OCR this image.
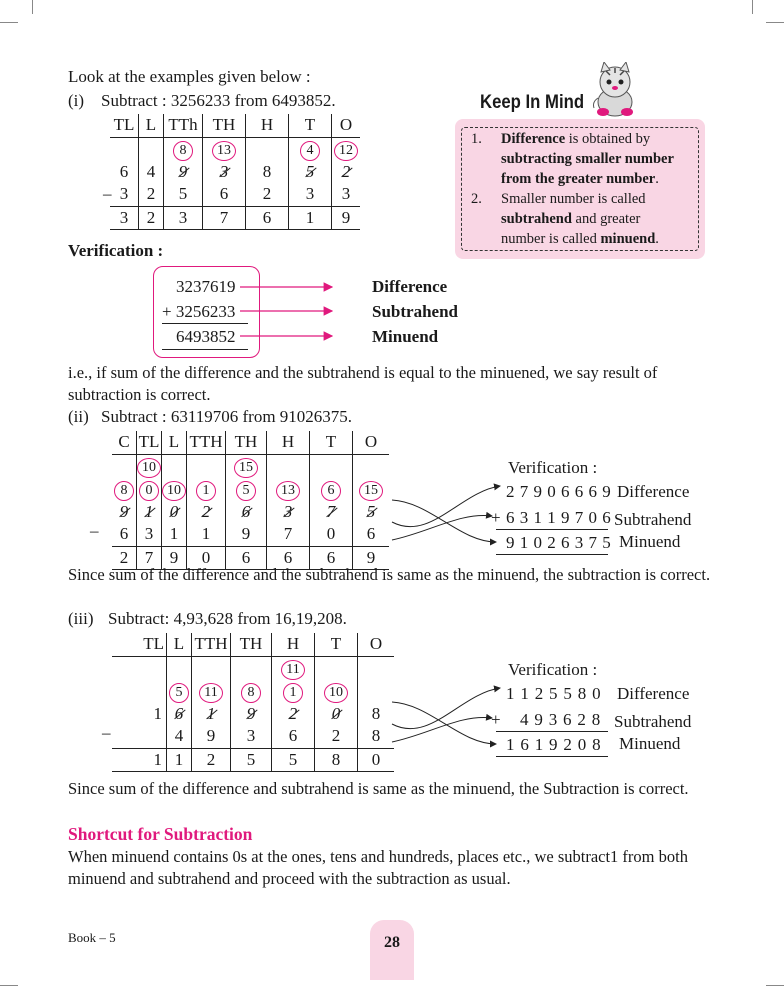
Look at the examples given below :
(i) Subtract : 3256233 from 6493852.
TL	L	TTh	TH	H	T	O
		8	13		4	12
6	4	9	3	8	5	2
3	2	5	6	2	3	3
3	2	3	7	6	1	9
–
Keep In Mind
1. Difference is obtained by
subtracting smaller number
from the greater number.
2. Smaller number is called
subtrahend and greater
number is called minuend.
Verification :
3237619
+ 3256233
6493852
Difference
Subtrahend
Minuend
i.e., if sum of the difference and the subtrahend is equal to the minuened, we say result of subtraction is correct.
(ii) Subtract : 63119706 from 91026375.
C	TL	L	TTH	TH	H	T	O
	10			15			
8	0	10	1	5	13	6	15
9	1	0	2	6	3	7	5
6	3	1	1	9	7	0	6
2	7	9	0	6	6	6	9
–
Verification :
2 7 9 0 6 6 6 9
+ 6 3 1 1 9 7 0 6
9 1 0 2 6 3 7 5
Difference
Subtrahend
Minuend
Since sum of the difference and the subtrahend is same as the minuend, the subtraction is correct.
(iii) Subtract: 4,93,628 from 16,19,208.
TL	L	TTH	TH	H	T	O
				11		
	5	11	8	1	10	
1	6	1	9	2	0	8
	4	9	3	6	2	8
1	1	2	5	5	8	0
–
Verification :
1 1 2 5 5 8 0
+ 4 9 3 6 2 8
1 6 1 9 2 0 8
Difference
Subtrahend
Minuend
Since sum of the difference and subtrahend is same as the minuend, the Subtraction is correct.
Shortcut for Subtraction
When minuend contains 0s at the ones, tens and hundreds, places etc., we subtract1 from both minuend and subtrahend and proceed with the subtraction as usual.
Book – 5	28
